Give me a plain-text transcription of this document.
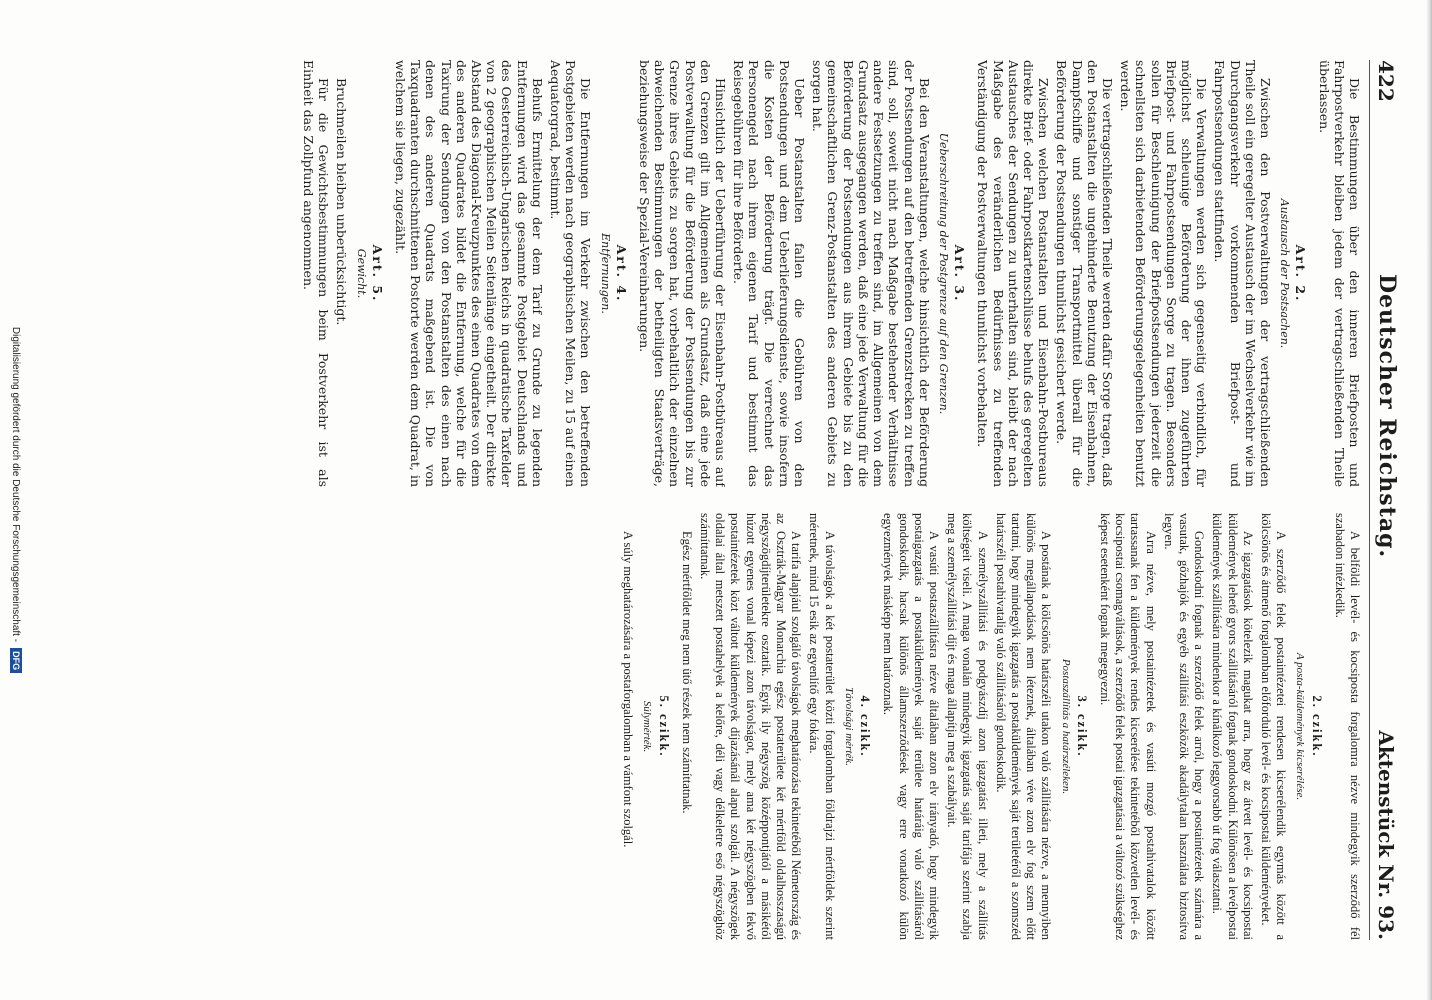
422
Deutscher Reichstag.
Aktenstück Nr. 93.

Die Bestimmungen über den inneren Briefposten und Fahrpostverkehr bleiben jedem der vertragschließenden Theile überlassen.

Art. 2.
Austausch der Postsachen.

Zwischen den Postverwaltungen der vertragschließenden Theile soll ein geregelter Austausch der im Wechselverkehr wie im Durchgangsverkehr vorkommenden Briefpost- und Fahrpostsendungen stattfinden.

Die Verwaltungen werden sich gegenseitig verbindlich, für möglichst schleunige Beförderung der ihnen zugeführten Briefpost- und Fahrpostsendungen Sorge zu tragen. Besonders sollen für Beschleunigung der Briefpostsendungen jederzeit die schnellsten sich darbietenden Beförderungsgelegenheiten benutzt werden.

Die vertragschließenden Theile werden dafür Sorge tragen, daß den Postanstalten die ungehinderte Benutzung der Eisenbahnen, Dampfschiffe und sonstiger Transportmittel überall für die Beförderung der Postsendungen thunlichst gesichert werde.

Zwischen welchen Postanstalten und Eisenbahn-Postbureaus direkte Brief- oder Fahrpostkartenschlüsse behufs des geregelten Austausches der Sendungen zu unterhalten sind, bleibt der nach Maßgabe des veränderlichen Bedürfnisses zu treffenden Verständigung der Postverwaltungen thunlichst vorbehalten.

Art. 3.
Ueberschreitung der Postgrenze auf den Grenzen.

Bei den Veranstaltungen, welche hinsichtlich der Beförderung der Postsendungen auf den betreffenden Grenzstrecken zu treffen sind, soll, soweit nicht nach Maßgabe bestehender Verhältnisse andere Festsetzungen zu treffen sind, im Allgemeinen von dem Grundsatz ausgegangen werden, daß eine jede Verwaltung für die Beförderung der Postsendungen aus ihrem Gebiete bis zu den gemeinschaftlichen Grenz-Postanstalten des anderen Gebiets zu sorgen hat.

Ueber Postanstalten fallen die Gebühren von den Postsendungen und dem Ueberlieferungsdienste, sowie insofern die Kosten der Beförderung trägt. Die verrechnet das Personengeld nach ihrem eigenen Tarif und bestimmt das Reisegebühren für ihre Beförderte.

Hinsichtlich der Ueberführung der Eisenbahn-Postbüreaus auf den Grenzen gilt im Allgemeinen als Grundsatz, daß eine jede Postverwaltung für die Beförderung der Postsendungen bis zur Grenze ihres Gebiets zu sorgen hat, vorbehaltlich der einzelnen abweichenden Bestimmungen der betheiligten Staatsverträge, beziehungsweise der Spezial-Vereinbarungen.

Art. 4.
Entfernungen.

Die Entfernungen im Verkehr zwischen den betreffenden Postgebieten werden nach geographischen Meilen, zu 15 auf einen Aequatorgrad, bestimmt.

Behufs Ermittelung der dem Tarif zu Grunde zu legenden Entfernungen wird das gesammte Postgebiet Deutschlands und des Oesterreichisch-Ungarischen Reichs in quadratische Taxfelder von 2 geographischen Meilen Seitenlänge eingetheilt. Der direkte Abstand des Diagonal-Kreuzpunktes des einen Quadrates von dem des anderen Quadrates bildet die Entfernung, welche für die Taxirung der Sendungen von den Postanstalten des einen nach denen des anderen Quadrats maßgebend ist. Die von Taxquadranten durchschnittenen Postorte werden dem Quadrat, in welchem sie liegen, zugezählt.

Art. 5.
Gewicht.

Bruchmeilen bleiben unberücksichtigt.

Für die Gewichtsbestimmungen beim Postverkehr ist als Einheit das Zollpfund angenommen.

A belföldi levél- és kocsiposta forgalomra nézve mindegyik szerződő fél szabadon intézkedik.

2. czikk.
A posta-küldemények kicserélése.

A szerződő felek postaintézetei rendesen kicserélendik egymás között a kölcsönös és átmenő forgalomban előforduló levél- és kocsipostai küldeményeket.

Az igazgatások kötelezik magukat arra, hogy az átvett levél- és kocsipostai küldemények lehető gyors szállításáról fognak gondoskodni. Különösen a levélpostai küldemények szállítására mindenkor a kínálkozó leggyorsabb út fog választatni.

Gondoskodni fognak a szerződő felek arról, hogy a postaintézetek számára a vasutak, gőzhajók és egyéb szállítási eszközök akadálytalan használata biztosítva legyen.

Arra nézve, mely postaintézetek és vasúti mozgó postahivatalok között tartassanak fen a küldemények rendes kicserélése tekintetéből közvetlen levél- és kocsipostai csomagváltások, a szerződő felek postai igazgatásai a változó szükséghez képest esetenként fognak megegyezni.

3. czikk.
Postaszállítás a határszéleken.

A postának a kölcsönös határszéli utakon való szállítására nézve, a mennyiben különös megállapodások nem léteznek, általában véve azon elv fog szem előtt tartatni, hogy mindegyik igazgatás a postaküldemények saját területéről a szomszéd határszéli postahivatalig való szállításáról gondoskodik.

A személyszállítási és podgyászdíj azon igazgatást illeti, mely a szállítás költségeit viseli. A maga vonalán mindegyik igazgatás saját tarifája szerint szabja meg a személyszállítási díjt és maga állapítja meg a szabályait.

A vasúti postaszállításra nézve általában azon elv irányadó, hogy mindegyik postaigazgatás a postaküldemények saját területe határáig való szállításáról gondoskodik, hacsak különös államszerződések vagy erre vonatkozó külön egyezmények másképp nem határoznak.

4. czikk.
Távolsági mérték.

A távolságok a két postaterület közti forgalomban földrajzi mértföldek szerint méretnek, mind 15 esik az egyenlítő egy fokára.

A tarifa alapjául szolgáló távolságok meghatározása tekintetéből Németország és az Osztrák-Magyar Monarchia egész postaterülete két mértföld oldalhosszaságú négyszögdíjterületekre osztatik. Egyik ily négyszög középpontjától a másikétól húzott egyenes vonal képezi azon távolságot, mely ama két négyszögben fekvő postaintézetek közt váltott küldemények díjazásánál alapul szolgál. A négyszögek oldalai által metszett postahelyek a kelőre, déli vagy délkeletre eső négyszöghöz számíttatnak.

Egész mértföldet meg nem ütő részek nem számíttatnak.

5. czikk.
Súlymérték.

A súly meghatározására a postaforgalomban a vámfont szolgál.

Digitalisierung gefördert durch die Deutsche Forschungsgemeinschaft -
DFG
